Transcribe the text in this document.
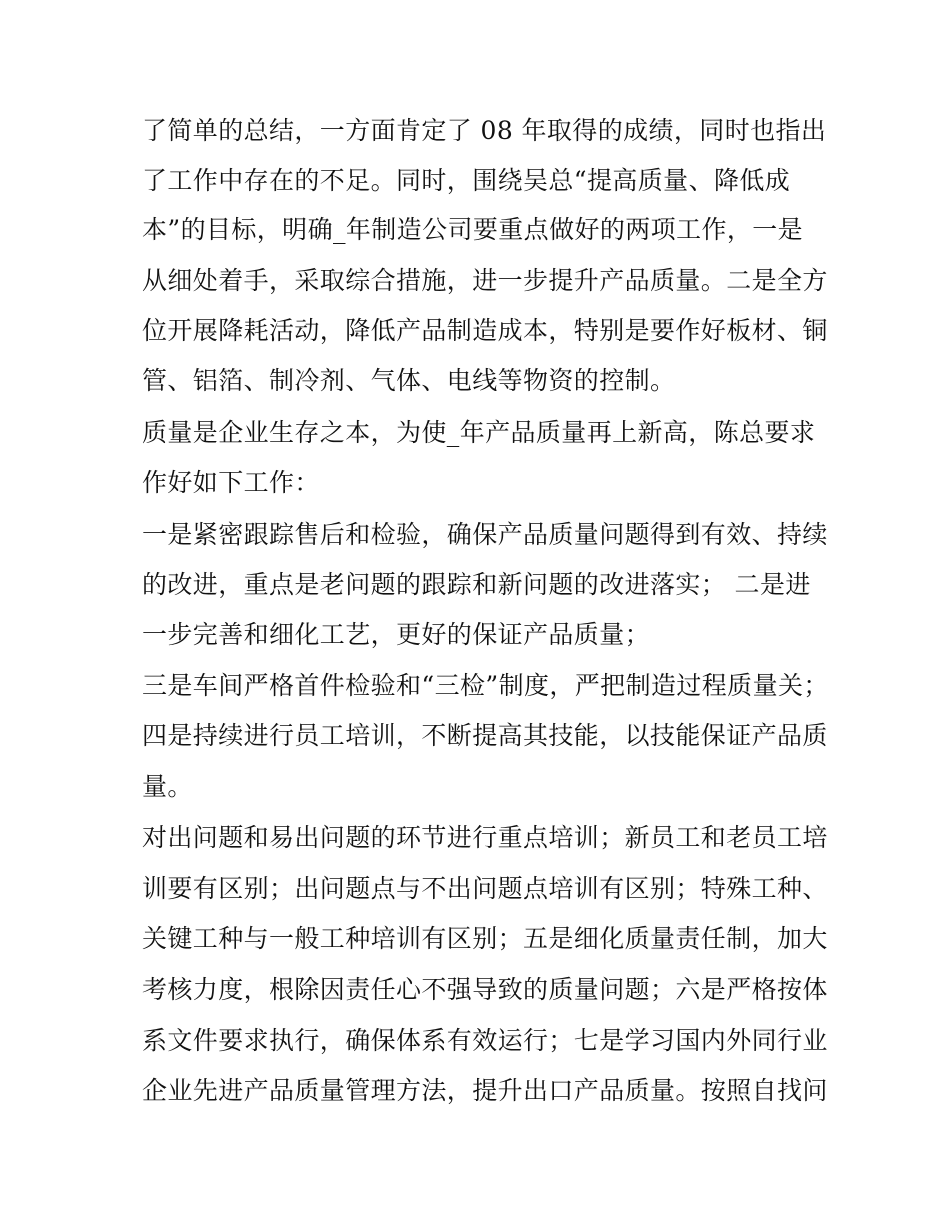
了简单的总结，一方面肯定了 08 年取得的成绩，同时也指出
了工作中存在的不足。同时，围绕吴总“提高质量、降低成
本”的目标，明确_年制造公司要重点做好的两项工作，一是
从细处着手，采取综合措施，进一步提升产品质量。二是全方
位开展降耗活动，降低产品制造成本，特别是要作好板材、铜
管、铝箔、制冷剂、气体、电线等物资的控制。
质量是企业生存之本，为使_年产品质量再上新高，陈总要求
作好如下工作：
一是紧密跟踪售后和检验，确保产品质量问题得到有效、持续
的改进，重点是老问题的跟踪和新问题的改进落实； 二是进
一步完善和细化工艺，更好的保证产品质量；
三是车间严格首件检验和“三检”制度，严把制造过程质量关；
四是持续进行员工培训，不断提高其技能，以技能保证产品质
量。
对出问题和易出问题的环节进行重点培训；新员工和老员工培
训要有区别；出问题点与不出问题点培训有区别；特殊工种、
关键工种与一般工种培训有区别；五是细化质量责任制，加大
考核力度，根除因责任心不强导致的质量问题；六是严格按体
系文件要求执行，确保体系有效运行；七是学习国内外同行业
企业先进产品质量管理方法，提升出口产品质量。按照自找问
